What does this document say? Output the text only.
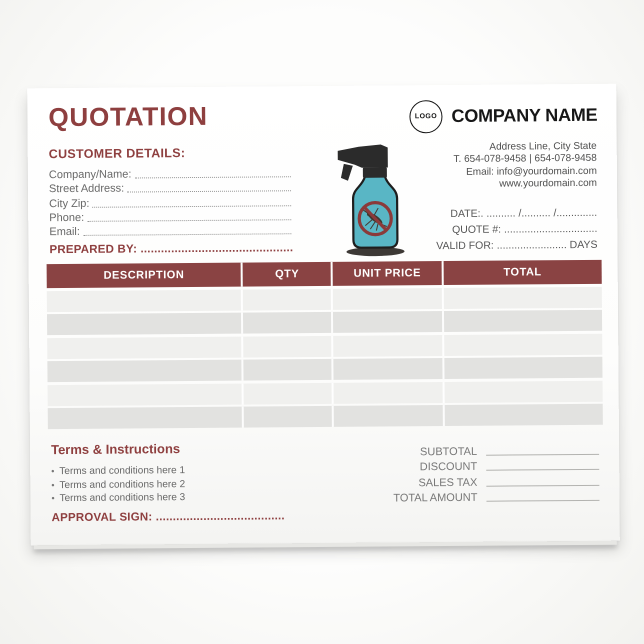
QUOTATION
CUSTOMER DETAILS:
Company/Name:
Street Address:
City Zip:
Phone:
Email:
LOGO COMPANY NAME
Address Line, City State
T. 654-078-9458 | 654-078-9458
Email: info@yourdomain.com
www.yourdomain.com
DATE:. .......... /.......... /..............
QUOTE #: ................................
VALID FOR: ........................ DAYS
PREPARED BY: .............................................
DESCRIPTION	QTY	UNIT PRICE	TOTAL
Terms & Instructions
• Terms and conditions here 1
• Terms and conditions here 2
• Terms and conditions here 3
SUBTOTAL
DISCOUNT
SALES TAX
TOTAL AMOUNT
APPROVAL SIGN: ......................................
